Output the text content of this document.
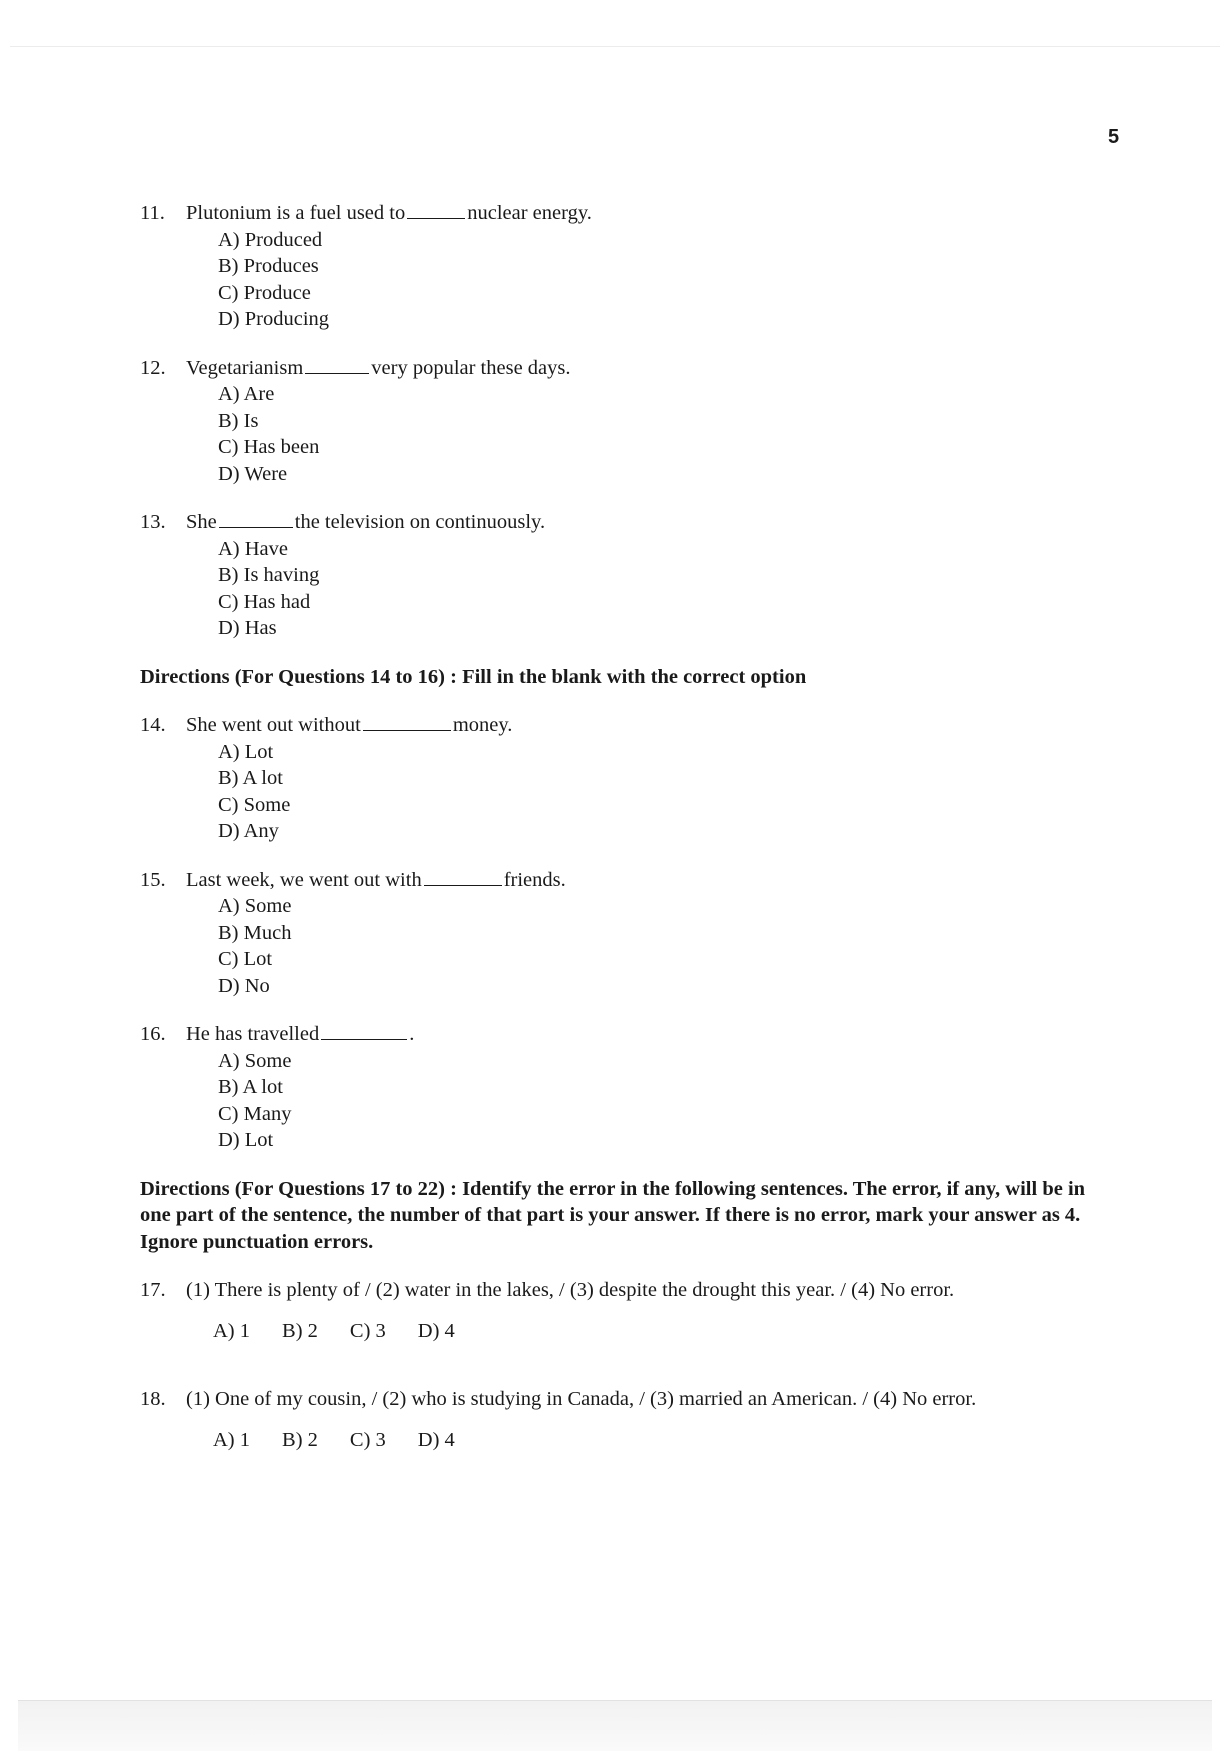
5
11. Plutonium is a fuel used to	nuclear energy.
A) Produced
B) Produces
C) Produce
D) Producing
12. Vegetarianism	very popular these days.
A) Are
B) Is
C) Has been
D) Were
13. She	the television on continuously.
A) Have
B) Is having
C) Has had
D) Has
Directions (For Questions 14 to 16) : Fill in the blank with the correct option
14. She went out without	money.
A) Lot
B) A lot
C) Some
D) Any
15. Last week, we went out with	friends.
A) Some
B) Much
C) Lot
D) No
16. He has travelled	.
A) Some
B) A lot
C) Many
D) Lot
Directions (For Questions 17 to 22) : Identify the error in the following sentences. The error, if any, will be in one part of the sentence, the number of that part is your answer. If there is no error, mark your answer as 4. Ignore punctuation errors.
17. (1) There is plenty of / (2) water in the lakes, / (3) despite the drought this year. / (4) No error.
A) 1 B) 2 C) 3 D) 4
18. (1) One of my cousin, / (2) who is studying in Canada, / (3) married an American. / (4) No error.
A) 1 B) 2 C) 3 D) 4
